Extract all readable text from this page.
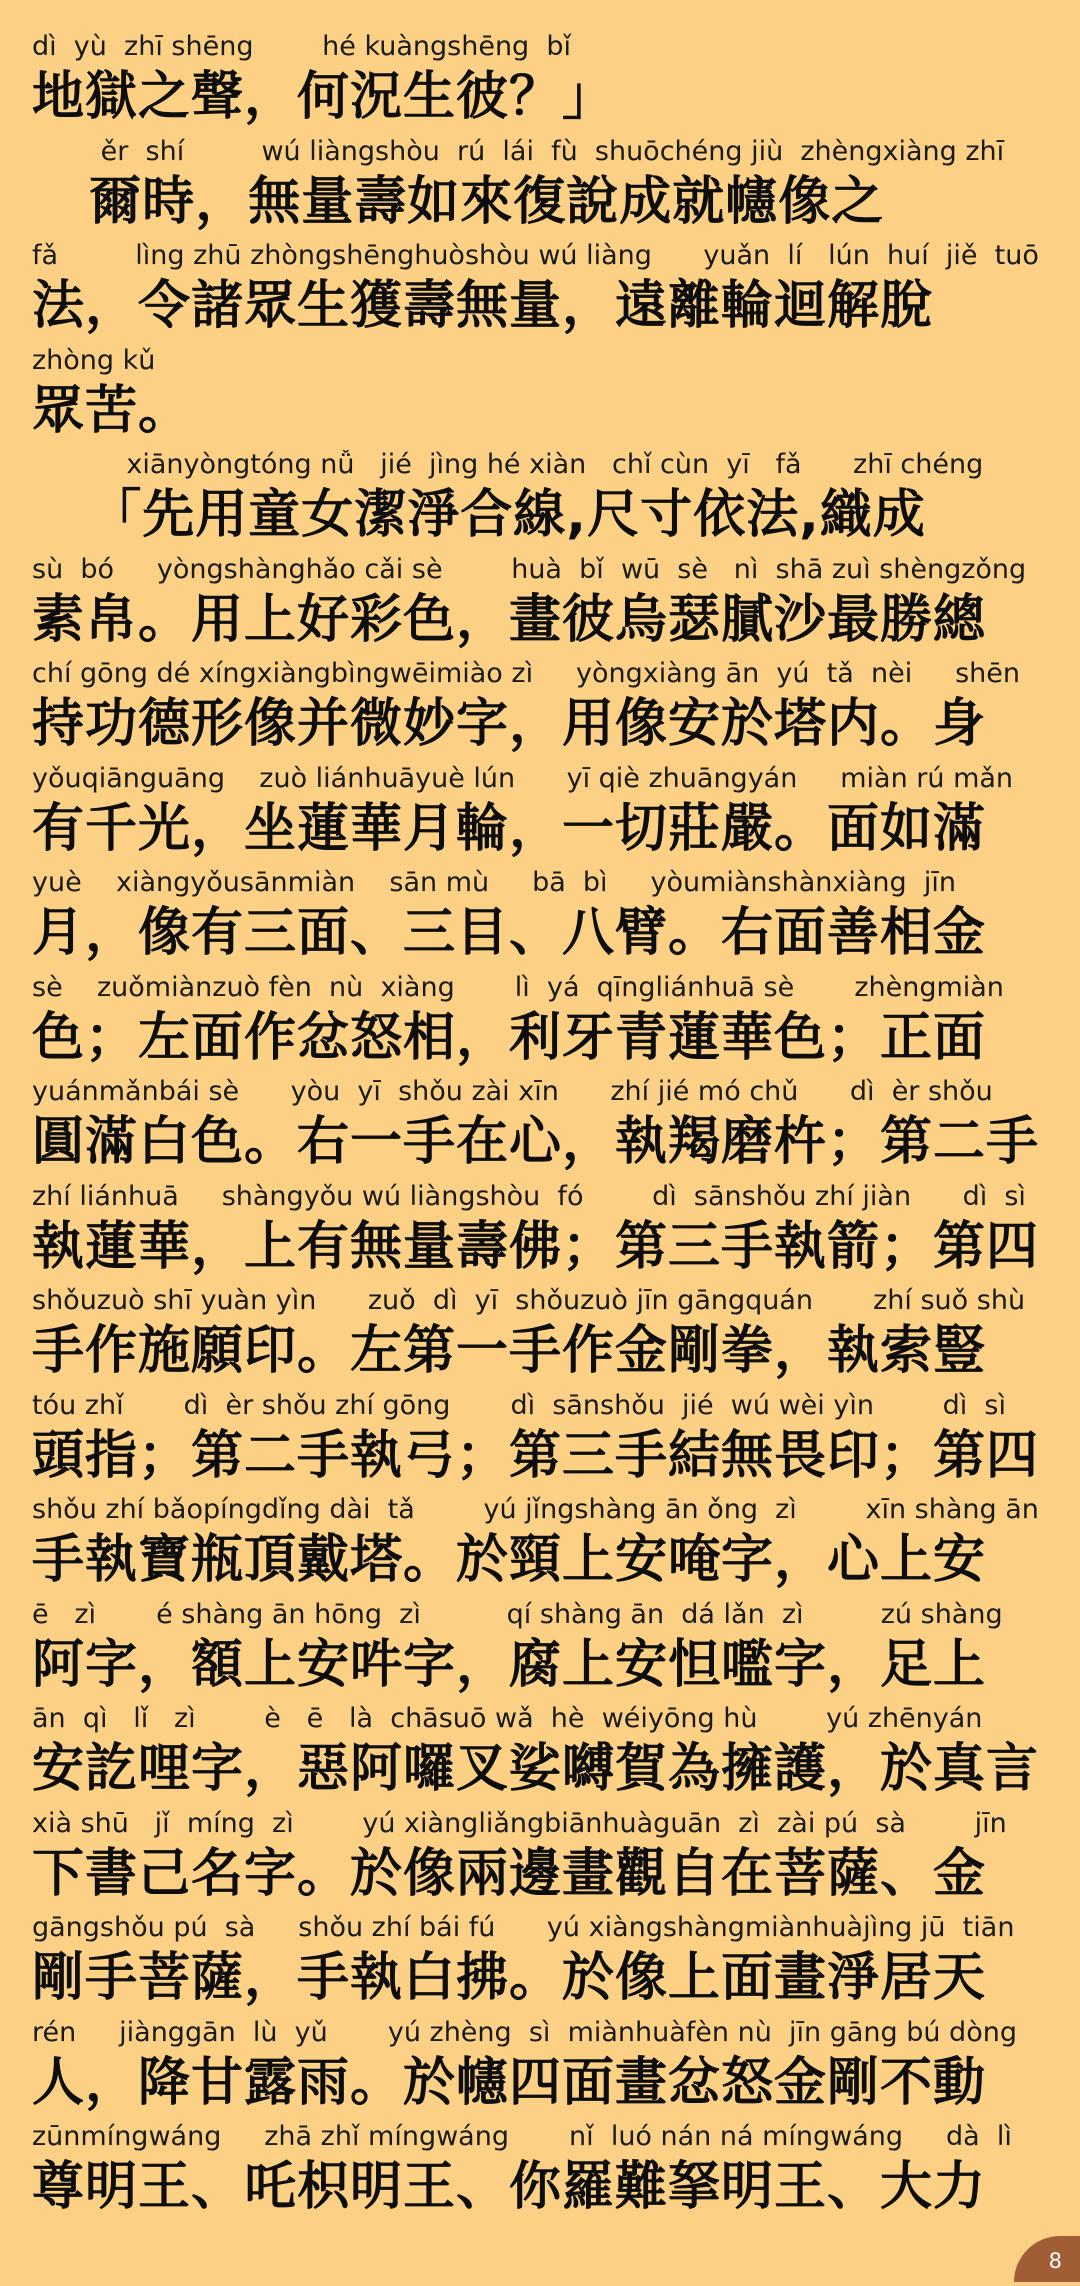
dì  yù  zhī shēng        hé kuàngshēng  bǐ
地獄之聲，何況生彼？」
ěr  shí         wú liàngshòu  rú  lái  fù  shuōchéng jiù  zhèngxiàng zhī
爾時，無量壽如來復說成就幰像之
fǎ         lìng zhū zhòngshēnghuòshòu wú liàng      yuǎn  lí   lún  huí  jiě  tuō
法，令諸眾生獲壽無量，遠離輪迴解脫
zhòng kǔ
眾苦。
xiānyòngtóng nǚ   jié  jìng hé xiàn   chǐ cùn  yī   fǎ      zhī chéng
「先用童女潔淨合線,尺寸依法,織成
sù  bó     yòngshànghǎo cǎi sè        huà  bǐ  wū  sè   nì  shā zuì shèngzǒng
素帛。用上好彩色，畫彼烏瑟膩沙最勝總
chí gōng dé xíngxiàngbìngwēimiào zì     yòngxiàng ān  yú  tǎ  nèi     shēn
持功德形像并微妙字，用像安於塔内。身
yǒuqiānguāng    zuò liánhuāyuè lún      yī qiè zhuāngyán     miàn rú mǎn
有千光，坐蓮華月輪，一切莊嚴。面如滿
yuè    xiàngyǒusānmiàn    sān mù     bā  bì     yòumiànshànxiàng  jīn
月，像有三面、三目、八臂。右面善相金
sè    zuǒmiànzuò fèn  nù  xiàng       lì  yá  qīngliánhuā sè       zhèngmiàn
色；左面作忿怒相，利牙青蓮華色；正面
yuánmǎnbái sè      yòu  yī  shǒu zài xīn      zhí jié mó chǔ      dì  èr shǒu
圓滿白色。右一手在心，執羯磨杵；第二手
zhí liánhuā     shàngyǒu wú liàngshòu  fó        dì  sānshǒu zhí jiàn      dì  sì
執蓮華，上有無量壽佛；第三手執箭；第四
shǒuzuò shī yuàn yìn      zuǒ  dì  yī  shǒuzuò jīn gāngquán       zhí suǒ shù
手作施願印。左第一手作金剛拳，執索豎
tóu zhǐ       dì  èr shǒu zhí gōng       dì  sānshǒu  jié  wú wèi yìn        dì  sì
頭指；第二手執弓；第三手結無畏印；第四
shǒu zhí bǎopíngdǐng dài  tǎ        yú jǐngshàng ān ǒng  zì        xīn shàng ān
手執寶瓶頂戴塔。於頸上安唵字，心上安
ē   zì       é shàng ān hōng  zì          qí shàng ān  dá lǎn  zì         zú shàng
阿字，額上安吽字，腐上安怛嚂字，足上
ān  qì   lǐ   zì        è   ē   là  chāsuō wǎ  hè  wéiyōng hù        yú zhēnyán
安訖哩字，惡阿囉叉娑嚩賀為擁護，於真言
xià shū   jǐ  míng  zì        yú xiàngliǎngbiānhuàguān  zì  zài pú  sà        jīn
下書己名字。於像兩邊畫觀自在菩薩、金
gāngshǒu pú  sà     shǒu zhí bái fú      yú xiàngshàngmiànhuàjìng jū  tiān
剛手菩薩，手執白拂。於像上面畫淨居天
rén     jiànggān  lù  yǔ       yú zhèng  sì  miànhuàfèn nù  jīn gāng bú dòng
人，降甘露雨。於幰四面畫忿怒金剛不動
zūnmíngwáng     zhā zhǐ míngwáng       nǐ  luó nán ná míngwáng     dà  lì
尊明王、吒枳明王、你羅難拏明王、大力
8
